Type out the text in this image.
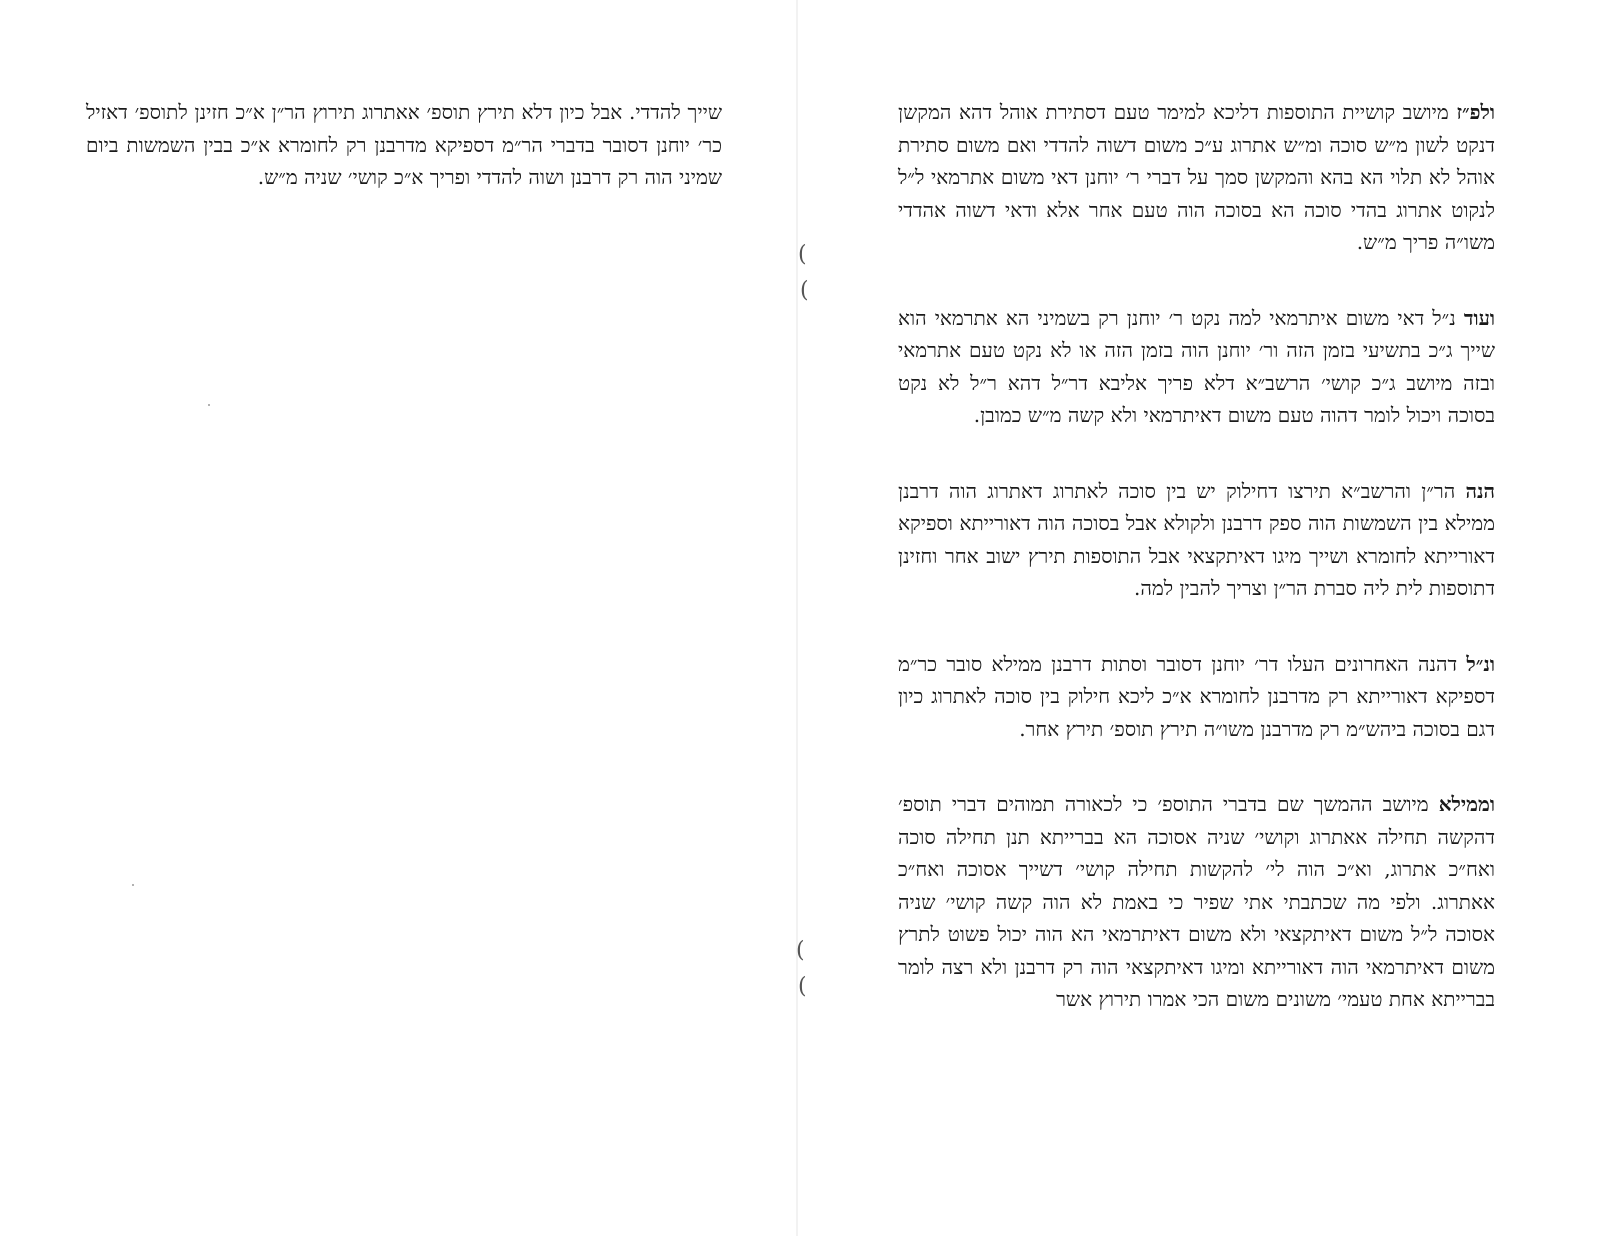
שייך להדדי. אבל כיון דלא תירץ תוספ׳ אאתרוג תירוץ הר״ן א״כ חזינן לתוספ׳ דאזיל כר׳ יוחנן דסובר בדברי הר״מ דספיקא מדרבנן רק לחומרא א״כ בבין השמשות ביום שמיני הוה רק דרבנן ושוה להדדי ופריך א״כ קושי׳ שניה מ״ש.

ולפ״ז מיושב קושיית התוספות דליכא למימר טעם דסתירת אוהל דהא המקשן דנקט לשון מ״ש סוכה ומ״ש אתרוג ע״כ משום דשוה להדדי ואם משום סתירת אוהל לא תלוי הא בהא והמקשן סמך על דברי ר׳ יוחנן דאי משום אתרמאי ל״ל לנקוט אתרוג בהדי סוכה הא בסוכה הוה טעם אחר אלא ודאי דשוה אהדדי משו״ה פריך מ״ש.

ועוד נ״ל דאי משום איתרמאי למה נקט ר׳ יוחנן רק בשמיני הא אתרמאי הוא שייך ג״כ בתשיעי בזמן הזה ור׳ יוחנן הוה בזמן הזה או לא נקט טעם אתרמאי ובזה מיושב ג״כ קושי׳ הרשב״א דלא פריך אליבא דר״ל דהא ר״ל לא נקט בסוכה ויכול לומר דהוה טעם משום דאיתרמאי ולא קשה מ״ש כמובן.

הנה הר״ן והרשב״א תירצו דחילוק יש בין סוכה לאתרוג דאתרוג הוה דרבנן ממילא בין השמשות הוה ספק דרבנן ולקולא אבל בסוכה הוה דאורייתא וספיקא דאורייתא לחומרא ושייך מיגו דאיתקצאי אבל התוספות תירץ ישוב אחר וחזינן דתוספות לית ליה סברת הר״ן וצריך להבין למה.

ונ״ל דהנה האחרונים העלו דר׳ יוחנן דסובר וסתות דרבנן ממילא סובר כר״מ דספיקא דאורייתא רק מדרבנן לחומרא א״כ ליכא חילוק בין סוכה לאתרוג כיון דגם בסוכה ביהש״מ רק מדרבנן משו״ה תירץ תוספ׳ תירץ אחר.

וממילא מיושב ההמשך שם בדברי התוספ׳ כי לכאורה תמוהים דברי תוספ׳ דהקשה תחילה אאתרוג וקושי׳ שניה אסוכה הא בברייתא תנן תחילה סוכה ואח״כ אתרוג, וא״כ הוה לי׳ להקשות תחילה קושי׳ דשייך אסוכה ואח״כ אאתרוג. ולפי מה שכתבתי אתי שפיר כי באמת לא הוה קשה קושי׳ שניה אסוכה ל״ל משום דאיתקצאי ולא משום דאיתרמאי הא הוה יכול פשוט לתרץ משום דאיתרמאי הוה דאורייתא ומיגו דאיתקצאי הוה רק דרבנן ולא רצה לומר בברייתא אחת טעמי׳ משונים משום הכי אמרו תירוץ אשר

(
(
(
(
